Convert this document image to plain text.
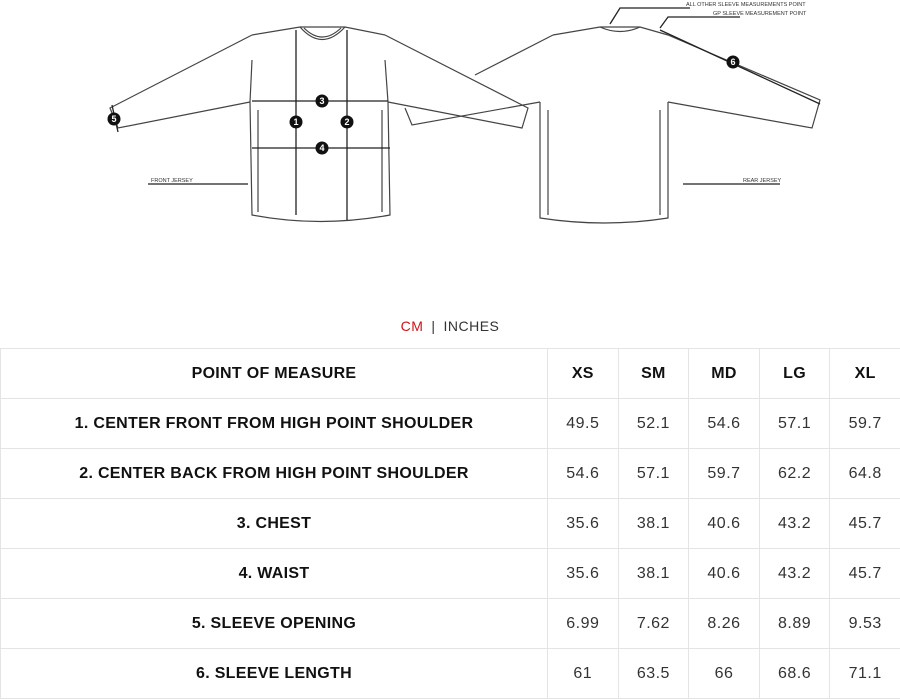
1	2
3
4
5
6
FRONT JERSEY	REAR JERSEY
ALL OTHER SLEEVE MEASUREMENTS POINT
GP SLEEVE MEASUREMENT POINT
CM | INCHES
POINT OF MEASURE	XS	SM	MD	LG	XL
1. CENTER FRONT FROM HIGH POINT SHOULDER	49.5	52.1	54.6	57.1	59.7
2. CENTER BACK FROM HIGH POINT SHOULDER	54.6	57.1	59.7	62.2	64.8
3. CHEST	35.6	38.1	40.6	43.2	45.7
4. WAIST	35.6	38.1	40.6	43.2	45.7
5. SLEEVE OPENING	6.99	7.62	8.26	8.89	9.53
6. SLEEVE LENGTH	61	63.5	66	68.6	71.1
